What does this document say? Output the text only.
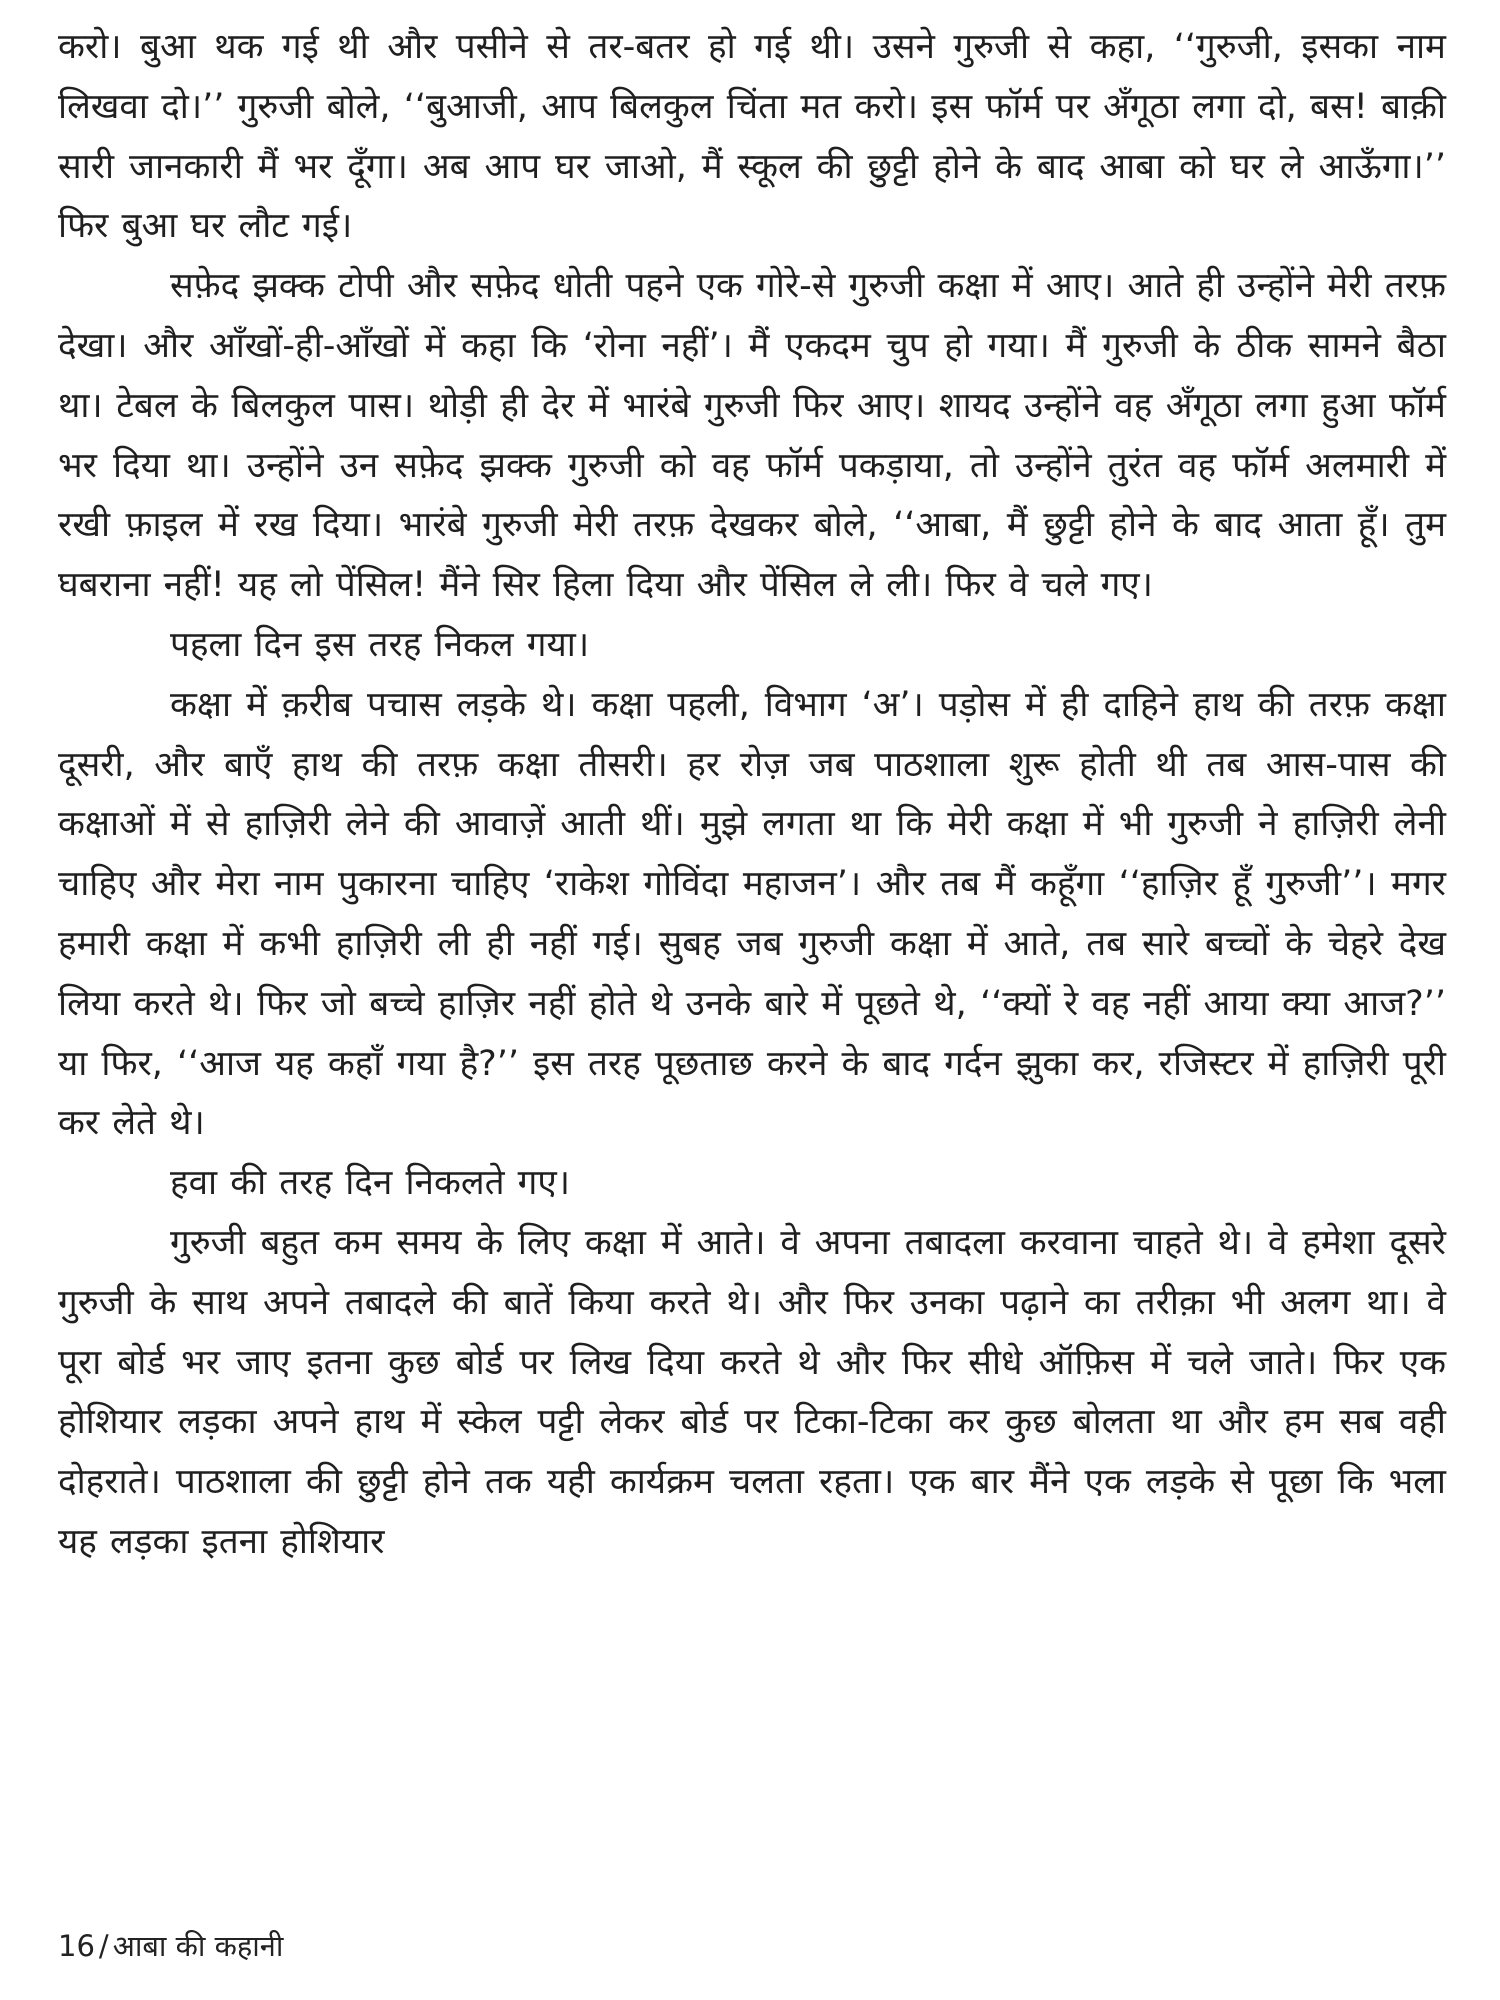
करो। बुआ थक गई थी और पसीने से तर-बतर हो गई थी। उसने गुरुजी से कहा, ‘‘गुरुजी, इसका नाम लिखवा दो।’’ गुरुजी बोले, ‘‘बुआजी, आप बिलकुल चिंता मत करो। इस फॉर्म पर अँगूठा लगा दो, बस! बाक़ी सारी जानकारी मैं भर दूँगा। अब आप घर जाओ, मैं स्कूल की छुट्टी होने के बाद आबा को घर ले आऊँगा।’’ फिर बुआ घर लौट गई।

सफ़ेद झक्क टोपी और सफ़ेद धोती पहने एक गोरे-से गुरुजी कक्षा में आए। आते ही उन्होंने मेरी तरफ़ देखा। और आँखों-ही-आँखों में कहा कि ‘रोना नहीं’। मैं एकदम चुप हो गया। मैं गुरुजी के ठीक सामने बैठा था। टेबल के बिलकुल पास। थोड़ी ही देर में भारंबे गुरुजी फिर आए। शायद उन्होंने वह अँगूठा लगा हुआ फॉर्म भर दिया था। उन्होंने उन सफ़ेद झक्क गुरुजी को वह फॉर्म पकड़ाया, तो उन्होंने तुरंत वह फॉर्म अलमारी में रखी फ़ाइल में रख दिया। भारंबे गुरुजी मेरी तरफ़ देखकर बोले, ‘‘आबा, मैं छुट्टी होने के बाद आता हूँ। तुम घबराना नहीं! यह लो पेंसिल! मैंने सिर हिला दिया और पेंसिल ले ली। फिर वे चले गए।

पहला दिन इस तरह निकल गया।

कक्षा में क़रीब पचास लड़के थे। कक्षा पहली, विभाग ‘अ’। पड़ोस में ही दाहिने हाथ की तरफ़ कक्षा दूसरी, और बाएँ हाथ की तरफ़ कक्षा तीसरी। हर रोज़ जब पाठशाला शुरू होती थी तब आस-पास की कक्षाओं में से हाज़िरी लेने की आवाज़ें आती थीं। मुझे लगता था कि मेरी कक्षा में भी गुरुजी ने हाज़िरी लेनी चाहिए और मेरा नाम पुकारना चाहिए ‘राकेश गोविंदा महाजन’। और तब मैं कहूँगा ‘‘हाज़िर हूँ गुरुजी’’। मगर हमारी कक्षा में कभी हाज़िरी ली ही नहीं गई। सुबह जब गुरुजी कक्षा में आते, तब सारे बच्चों के चेहरे देख लिया करते थे। फिर जो बच्चे हाज़िर नहीं होते थे उनके बारे में पूछते थे, ‘‘क्यों रे वह नहीं आया क्या आज?’’ या फिर, ‘‘आज यह कहाँ गया है?’’ इस तरह पूछताछ करने के बाद गर्दन झुका कर, रजिस्टर में हाज़िरी पूरी कर लेते थे।

हवा की तरह दिन निकलते गए।

गुरुजी बहुत कम समय के लिए कक्षा में आते। वे अपना तबादला करवाना चाहते थे। वे हमेशा दूसरे गुरुजी के साथ अपने तबादले की बातें किया करते थे। और फिर उनका पढ़ाने का तरीक़ा भी अलग था। वे पूरा बोर्ड भर जाए इतना कुछ बोर्ड पर लिख दिया करते थे और फिर सीधे ऑफ़िस में चले जाते। फिर एक होशियार लड़का अपने हाथ में स्केल पट्टी लेकर बोर्ड पर टिका-टिका कर कुछ बोलता था और हम सब वही दोहराते। पाठशाला की छुट्टी होने तक यही कार्यक्रम चलता रहता। एक बार मैंने एक लड़के से पूछा कि भला यह लड़का इतना होशियार

16 / आबा की कहानी
